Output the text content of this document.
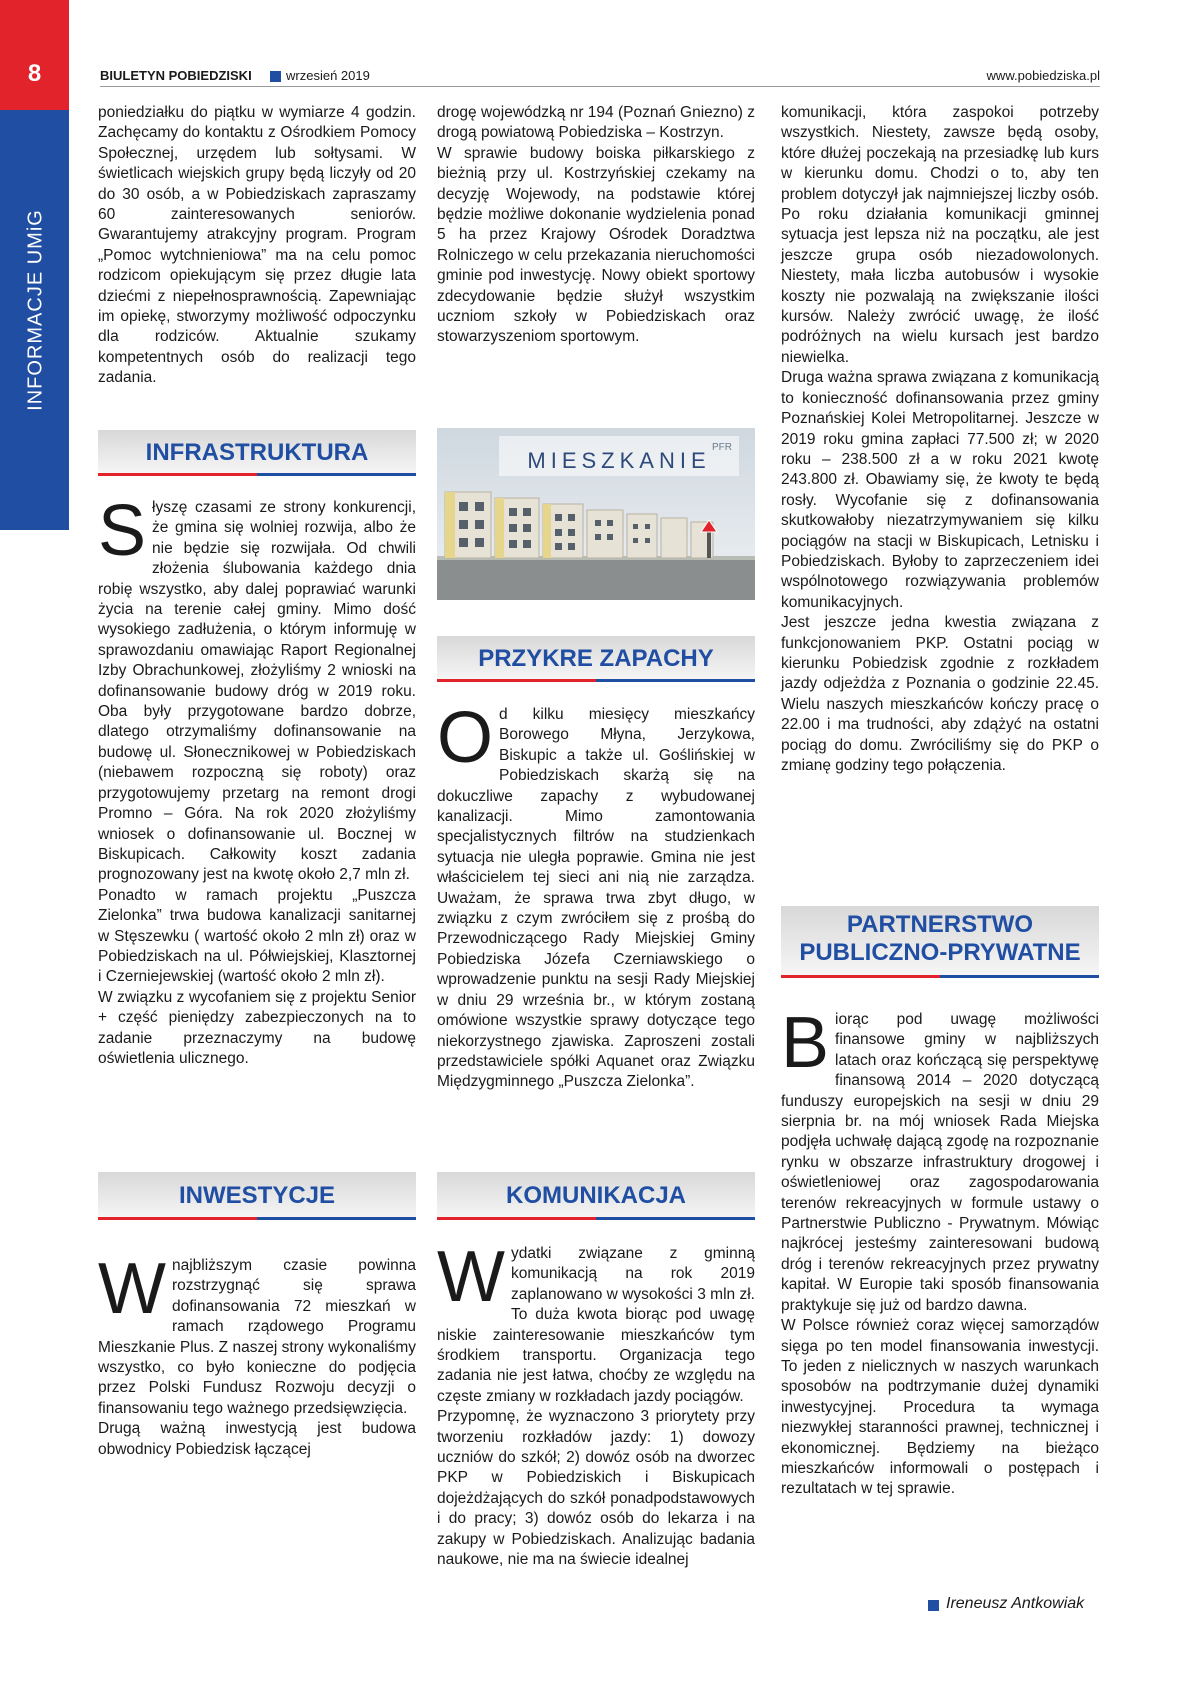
8
INFORMACJE UMiG
BIULETYN POBIEDZISKI	wrzesień 2019	www.pobiedziska.pl

poniedziałku do piątku w wymiarze 4 godzin. Zachęcamy do kontaktu z Ośrodkiem Pomocy Społecznej, urzędem lub sołtysami. W świetlicach wiejskich grupy będą liczyły od 20 do 30 osób, a w Pobiedziskach zapraszamy 60 zainteresowanych seniorów. Gwarantujemy atrakcyjny program. Program „Pomoc wytchnieniowa” ma na celu pomoc rodzicom opiekującym się przez długie lata dziećmi z niepełnosprawnością. Zapewniając im opiekę, stworzymy możliwość odpoczynku dla rodziców. Aktualnie szukamy kompetentnych osób do realizacji tego zadania.

INFRASTRUKTURA

S łyszę czasami ze strony konkurencji, że gmina się wolniej rozwija, albo że nie będzie się rozwijała. Od chwili złożenia ślubowania każdego dnia robię wszystko, aby dalej poprawiać warunki życia na terenie całej gminy. Mimo dość wysokiego zadłużenia, o którym informuję w sprawozdaniu omawiając Raport Regionalnej Izby Obrachunkowej, złożyliśmy 2 wnioski na dofinansowanie budowy dróg w 2019 roku. Oba były przygotowane bardzo dobrze, dlatego otrzymaliśmy dofinansowanie na budowę ul. Słonecznikowej w Pobiedziskach (niebawem rozpoczną się roboty) oraz przygotowujemy przetarg na remont drogi Promno – Góra. Na rok 2020 złożyliśmy wniosek o dofinansowanie ul. Bocznej w Biskupicach. Całkowity koszt zadania prognozowany jest na kwotę około 2,7 mln zł.

Ponadto w ramach projektu „Puszcza Zielonka” trwa budowa kanalizacji sanitarnej w Stęszewku ( wartość około 2 mln zł) oraz w Pobiedziskach na ul. Półwiejskiej, Klasztornej i Czerniejewskiej (wartość około 2 mln zł).

W związku z wycofaniem się z projektu Senior + część pieniędzy zabezpieczonych na to zadanie przeznaczymy na budowę oświetlenia ulicznego.

INWESTYCJE

W najbliższym czasie powinna rozstrzygnąć się sprawa dofinansowania 72 mieszkań w ramach rządowego Programu Mieszkanie Plus. Z naszej strony wykonaliśmy wszystko, co było konieczne do podjęcia przez Polski Fundusz Rozwoju decyzji o finansowaniu tego ważnego przedsięwzięcia.

Drugą ważną inwestycją jest budowa obwodnicy Pobiedzisk łączącej

drogę wojewódzką nr 194 (Poznań Gniezno) z drogą powiatową Pobiedziska – Kostrzyn.

W sprawie budowy boiska piłkarskiego z bieżnią przy ul. Kostrzyńskiej czekamy na decyzję Wojewody, na podstawie której będzie możliwe dokonanie wydzielenia ponad 5 ha przez Krajowy Ośrodek Doradztwa Rolniczego w celu przekazania nieruchomości gminie pod inwestycję. Nowy obiekt sportowy zdecydowanie będzie służył wszystkim uczniom szkoły w Pobiedziskach oraz stowarzyszeniom sportowym.

MIESZKANIE
PFR
PRZYKRE ZAPACHY

O d kilku miesięcy mieszkańcy Borowego Młyna, Jerzykowa, Biskupic a także ul. Goślińskiej w Pobiedziskach skarżą się na dokuczliwe zapachy z wybudowanej kanalizacji. Mimo zamontowania specjalistycznych filtrów na studzienkach sytuacja nie uległa poprawie. Gmina nie jest właścicielem tej sieci ani nią nie zarządza. Uważam, że sprawa trwa zbyt długo, w związku z czym zwróciłem się z prośbą do Przewodniczącego Rady Miejskiej Gminy Pobiedziska Józefa Czerniawskiego o wprowadzenie punktu na sesji Rady Miejskiej w dniu 29 września br., w którym zostaną omówione wszystkie sprawy dotyczące tego niekorzystnego zjawiska. Zaproszeni zostali przedstawiciele spółki Aquanet oraz Związku Międzygminnego „Puszcza Zielonka”.

KOMUNIKACJA

W ydatki związane z gminną komunikacją na rok 2019 zaplanowano w wysokości 3 mln zł. To duża kwota biorąc pod uwagę niskie zainteresowanie mieszkańców tym środkiem transportu. Organizacja tego zadania nie jest łatwa, choćby ze względu na częste zmiany w rozkładach jazdy pociągów.

Przypomnę, że wyznaczono 3 priorytety przy tworzeniu rozkładów jazdy: 1) dowozy uczniów do szkół; 2) dowóz osób na dworzec PKP w Pobiedziskich i Biskupicach dojeżdżających do szkół ponadpodstawowych i do pracy; 3) dowóz osób do lekarza i na zakupy w Pobiedziskach. Analizując badania naukowe, nie ma na świecie idealnej

komunikacji, która zaspokoi potrzeby wszystkich. Niestety, zawsze będą osoby, które dłużej poczekają na przesiadkę lub kurs w kierunku domu. Chodzi o to, aby ten problem dotyczył jak najmniejszej liczby osób. Po roku działania komunikacji gminnej sytuacja jest lepsza niż na początku, ale jest jeszcze grupa osób niezadowolonych. Niestety, mała liczba autobusów i wysokie koszty nie pozwalają na zwiększanie ilości kursów. Należy zwrócić uwagę, że ilość podróżnych na wielu kursach jest bardzo niewielka.

Druga ważna sprawa związana z komunikacją to konieczność dofinansowania przez gminy Poznańskiej Kolei Metropolitarnej. Jeszcze w 2019 roku gmina zapłaci 77.500 zł; w 2020 roku – 238.500 zł a w roku 2021 kwotę 243.800 zł. Obawiamy się, że kwoty te będą rosły. Wycofanie się z dofinansowania skutkowałoby niezatrzymywaniem się kilku pociągów na stacji w Biskupicach, Letnisku i Pobiedziskach. Byłoby to zaprzeczeniem idei wspólnotowego rozwiązywania problemów komunikacyjnych.

Jest jeszcze jedna kwestia związana z funkcjonowaniem PKP. Ostatni pociąg w kierunku Pobiedzisk zgodnie z rozkładem jazdy odjeżdża z Poznania o godzinie 22.45. Wielu naszych mieszkańców kończy pracę o 22.00 i ma trudności, aby zdążyć na ostatni pociąg do domu. Zwróciliśmy się do PKP o zmianę godziny tego połączenia.

PARTNERSTWO
PUBLICZNO-PRYWATNE

B iorąc pod uwagę możliwości finansowe gminy w najbliższych latach oraz kończącą się perspektywę finansową 2014 – 2020 dotyczącą funduszy europejskich na sesji w dniu 29 sierpnia br. na mój wniosek Rada Miejska podjęła uchwałę dającą zgodę na rozpoznanie rynku w obszarze infrastruktury drogowej i oświetleniowej oraz zagospodarowania terenów rekreacyjnych w formule ustawy o Partnerstwie Publiczno - Prywatnym. Mówiąc najkrócej jesteśmy zainteresowani budową dróg i terenów rekreacyjnych przez prywatny kapitał. W Europie taki sposób finansowania praktykuje się już od bardzo dawna.

W Polsce również coraz więcej samorządów sięga po ten model finansowania inwestycji. To jeden z nielicznych w naszych warunkach sposobów na podtrzymanie dużej dynamiki inwestycyjnej. Procedura ta wymaga niezwykłej staranności prawnej, technicznej i ekonomicznej. Będziemy na bieżąco mieszkańców informowali o postępach i rezultatach w tej sprawie.

Ireneusz Antkowiak
